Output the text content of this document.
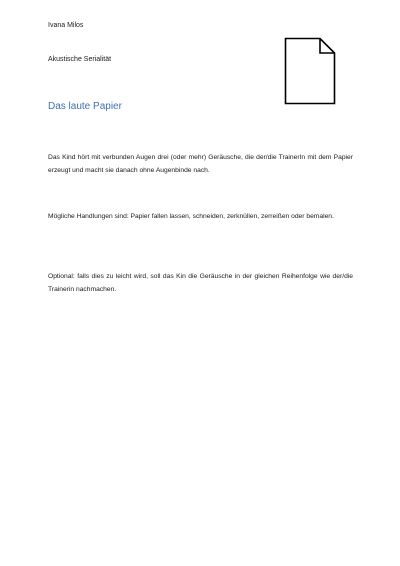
Ivana Milos
Akustische Serialität
Das laute Papier

Das Kind hört mit verbunden Augen drei (oder mehr) Geräusche, die der/die TrainerIn mit dem Papier erzeugt und macht sie danach ohne Augenbinde nach.

Mögliche Handlungen sind: Papier fallen lassen, schneiden, zerknüllen, zerreißen oder bemalen.

Optional: falls dies zu leicht wird, soll das Kin die Geräusche in der gleichen Reihenfolge wie der/die Trainerin nachmachen.
